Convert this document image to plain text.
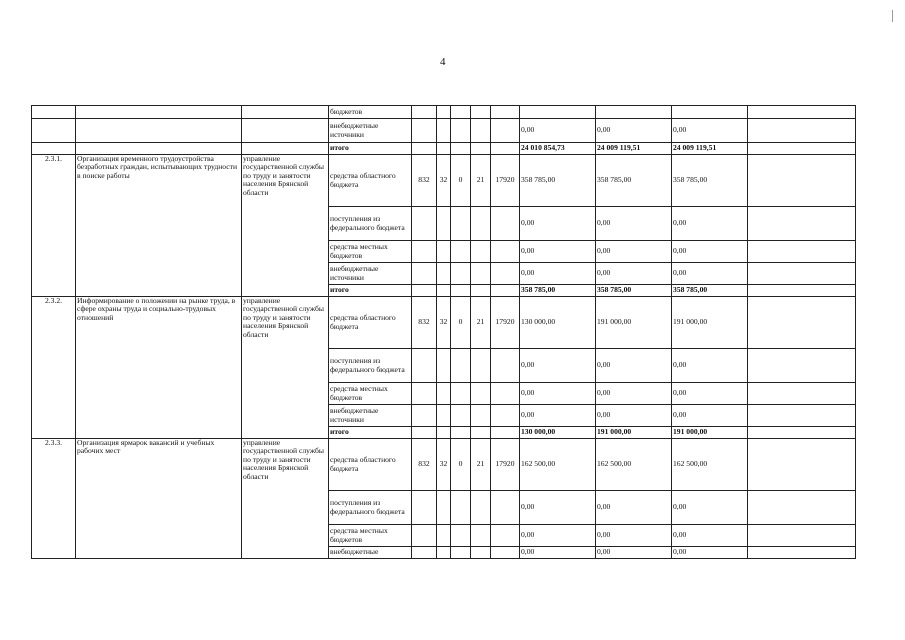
4
			бюджетов									
			внебюджетные источники						0,00	0,00	0,00	
			итого						24 010 854,73	24 009 119,51	24 009 119,51	
2.3.1.	Организация временного трудоустройства безработных граждан, испытывающих трудности в поиске работы	управление государственной службы по труду и занятости населения Брянской области	средства областного бюджета	832	32	0	21	17920	358 785,00	358 785,00	358 785,00	
			поступления из федерального бюджета						0,00	0,00	0,00	
			средства местных бюджетов						0,00	0,00	0,00	
			внебюджетные источники						0,00	0,00	0,00	
			итого						358 785,00	358 785,00	358 785,00	
2.3.2.	Информирование о положении на рынке труда, в сфере охраны труда и социально-трудовых отношений	управление государственной службы по труду и занятости населения Брянской области	средства областного бюджета	832	32	0	21	17920	130 000,00	191 000,00	191 000,00	
			поступления из федерального бюджета						0,00	0,00	0,00	
			средства местных бюджетов						0,00	0,00	0,00	
			внебюджетные источники						0,00	0,00	0,00	
			итого						130 000,00	191 000,00	191 000,00	
2.3.3.	Организация ярмарок вакансий и учебных рабочих мест	управление государственной службы по труду и занятости населения Брянской области	средства областного бюджета	832	32	0	21	17920	162 500,00	162 500,00	162 500,00	
			поступления из федерального бюджета						0,00	0,00	0,00	
			средства местных бюджетов						0,00	0,00	0,00	
			внебюджетные						0,00	0,00	0,00	
